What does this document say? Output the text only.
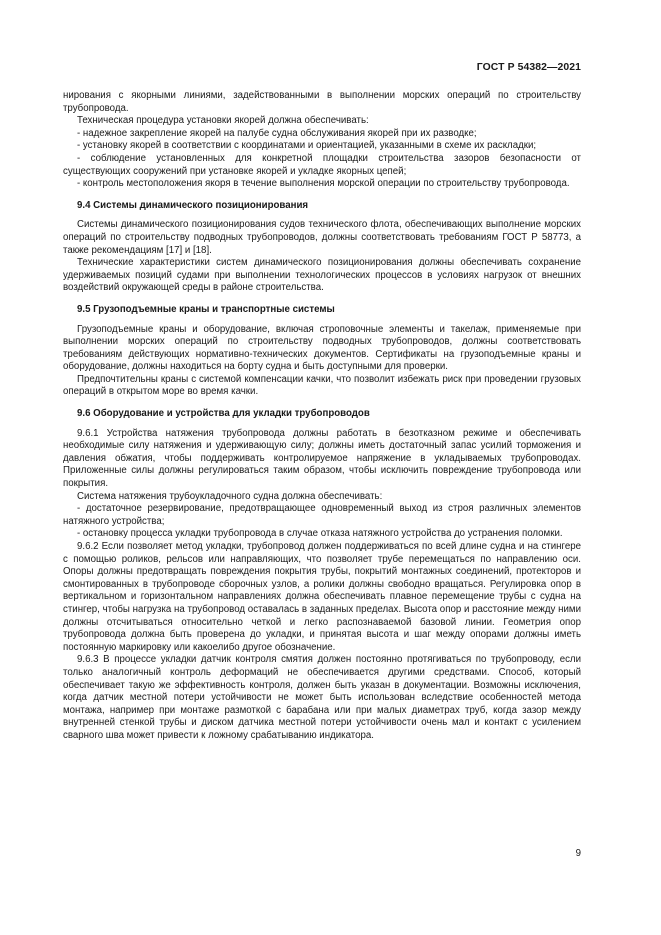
ГОСТ Р 54382—2021

нирования с якорными линиями, задействованными в выполнении морских операций по строительству трубопровода.

Техническая процедура установки якорей должна обеспечивать:

- надежное закрепление якорей на палубе судна обслуживания якорей при их разводке;

- установку якорей в соответствии с координатами и ориентацией, указанными в схеме их раскладки;

- соблюдение установленных для конкретной площадки строительства зазоров безопасности от существующих сооружений при установке якорей и укладке якорных цепей;

- контроль местоположения якоря в течение выполнения морской операции по строительству трубопровода.

9.4 Системы динамического позиционирования

Системы динамического позиционирования судов технического флота, обеспечивающих выполнение морских операций по строительству подводных трубопроводов, должны соответствовать требованиям ГОСТ Р 58773, а также рекомендациям [17] и [18].

Технические характеристики систем динамического позиционирования должны обеспечивать сохранение удерживаемых позиций судами при выполнении технологических процессов в условиях нагрузок от внешних воздействий окружающей среды в районе строительства.

9.5 Грузоподъемные краны и транспортные системы

Грузоподъемные краны и оборудование, включая строповочные элементы и такелаж, применяемые при выполнении морских операций по строительству подводных трубопроводов, должны соответствовать требованиям действующих нормативно-технических документов. Сертификаты на грузоподъемные краны и оборудование, должны находиться на борту судна и быть доступными для проверки.

Предпочтительны краны с системой компенсации качки, что позволит избежать риск при проведении грузовых операций в открытом море во время качки.

9.6 Оборудование и устройства для укладки трубопроводов

9.6.1 Устройства натяжения трубопровода должны работать в безотказном режиме и обеспечивать необходимые силу натяжения и удерживающую силу; должны иметь достаточный запас усилий торможения и давления обжатия, чтобы поддерживать контролируемое напряжение в укладываемых трубопроводах. Приложенные силы должны регулироваться таким образом, чтобы исключить повреждение трубопровода или покрытия.

Система натяжения трубоукладочного судна должна обеспечивать:

- достаточное резервирование, предотвращающее одновременный выход из строя различных элементов натяжного устройства;

- остановку процесса укладки трубопровода в случае отказа натяжного устройства до устранения поломки.

9.6.2 Если позволяет метод укладки, трубопровод должен поддерживаться по всей длине судна и на стингере с помощью роликов, рельсов или направляющих, что позволяет трубе перемещаться по направлению оси. Опоры должны предотвращать повреждения покрытия трубы, покрытий монтажных соединений, протекторов и смонтированных в трубопроводе сборочных узлов, а ролики должны свободно вращаться. Регулировка опор в вертикальном и горизонтальном направлениях должна обеспечивать плавное перемещение трубы с судна на стингер, чтобы нагрузка на трубопровод оставалась в заданных пределах. Высота опор и расстояние между ними должны отсчитываться относительно четкой и легко распознаваемой базовой линии. Геометрия опор трубопровода должна быть проверена до укладки, и принятая высота и шаг между опорами должны иметь постоянную маркировку или какоелибо другое обозначение.

9.6.3 В процессе укладки датчик контроля смятия должен постоянно протягиваться по трубопроводу, если только аналогичный контроль деформаций не обеспечивается другими средствами. Способ, который обеспечивает такую же эффективность контроля, должен быть указан в документации. Возможны исключения, когда датчик местной потери устойчивости не может быть использован вследствие особенностей метода монтажа, например при монтаже размоткой с барабана или при малых диаметрах труб, когда зазор между внутренней стенкой трубы и диском датчика местной потери устойчивости очень мал и контакт с усилением сварного шва может привести к ложному срабатыванию индикатора.

9
